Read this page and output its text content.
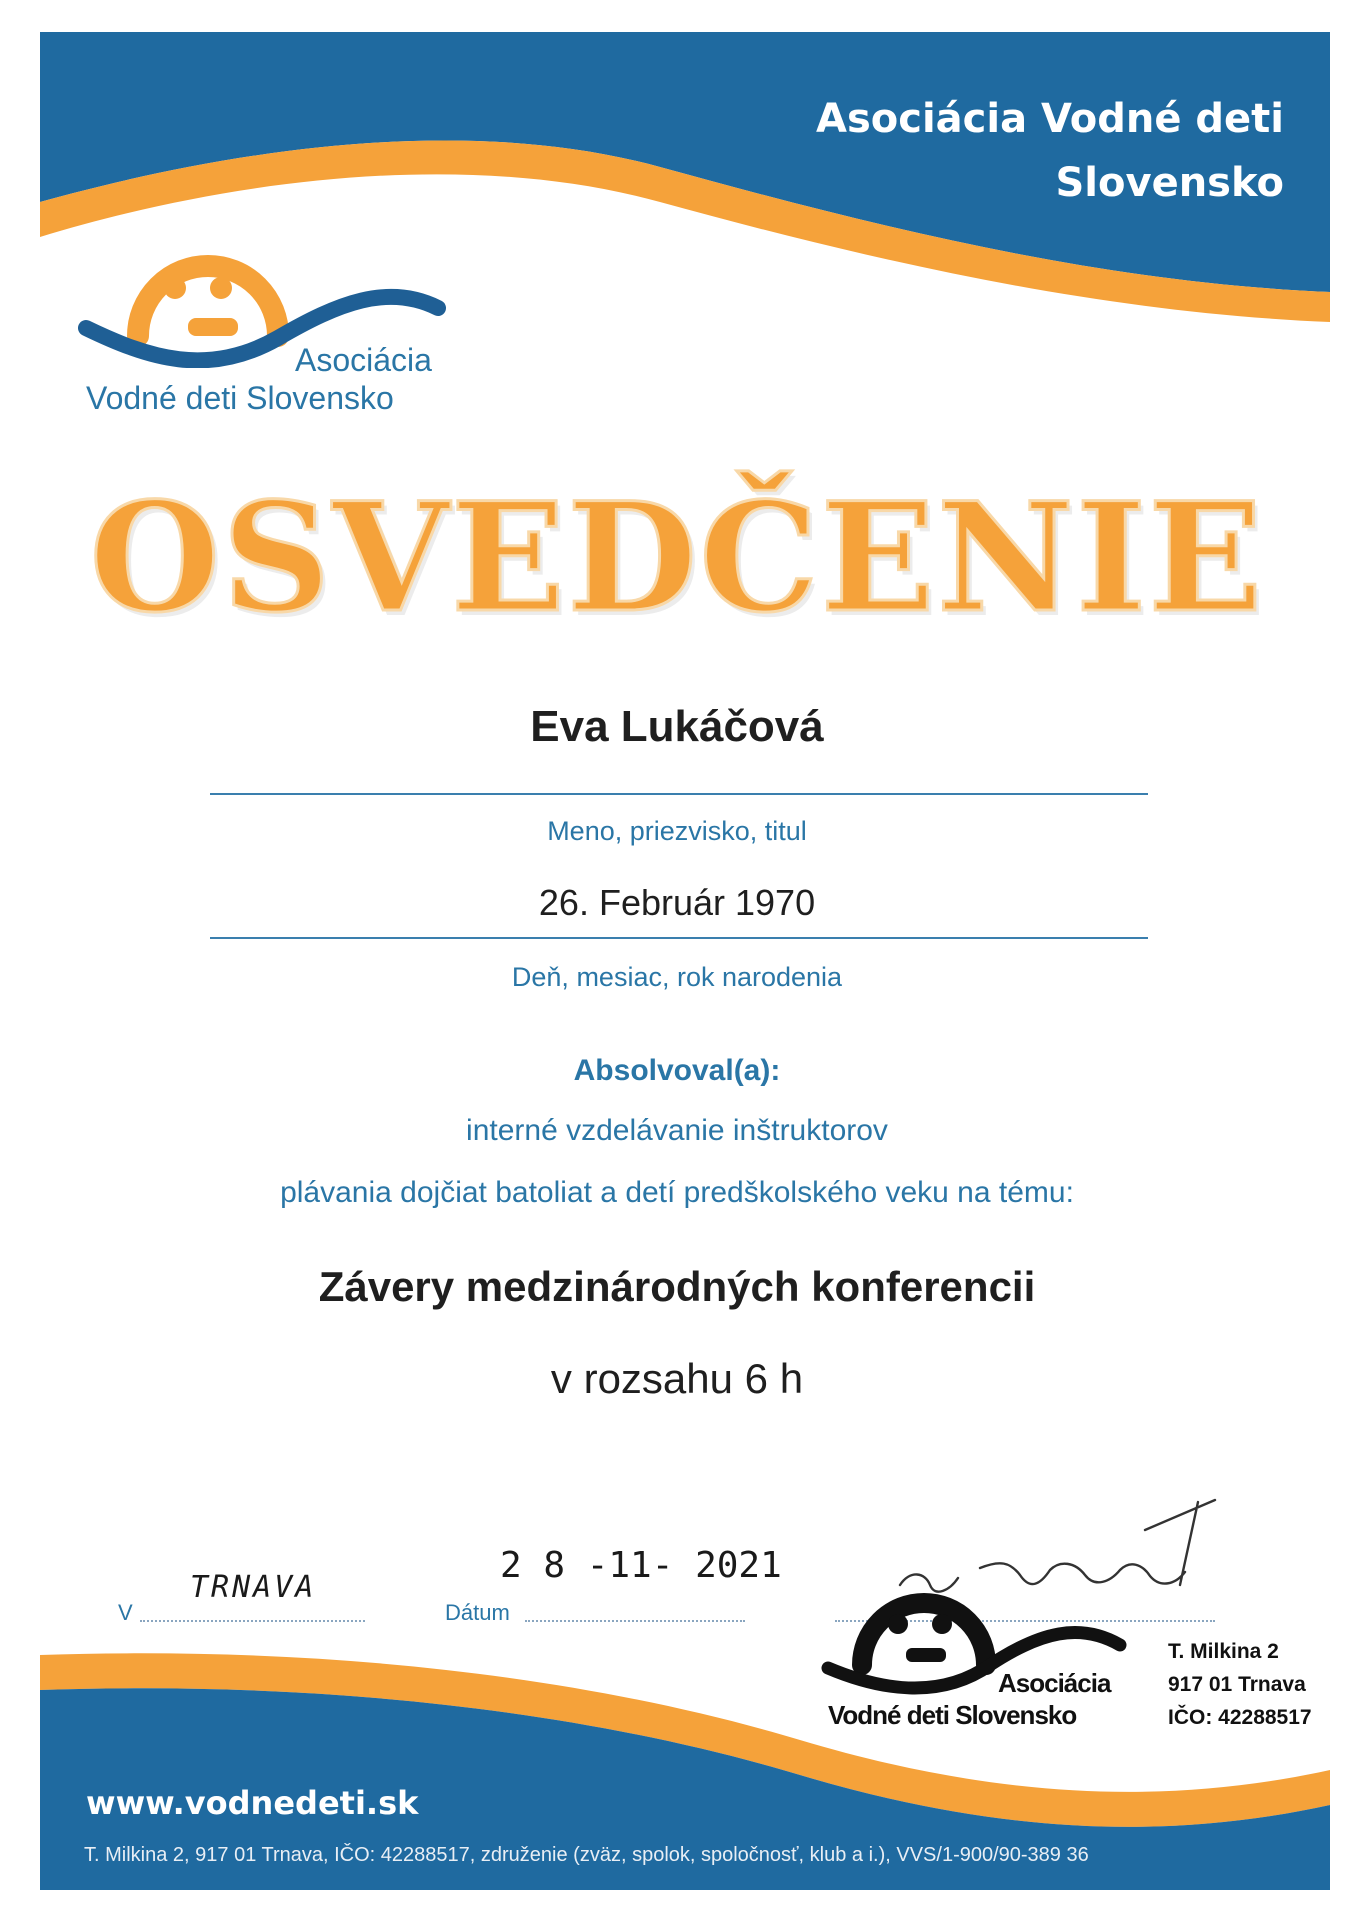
Asociácia Vodné deti
Slovensko
Asociácia
Vodné deti Slovensko
OSVEDČENIE
Eva Lukáčová
Meno, priezvisko, titul
26. Február 1970
Deň, mesiac, rok narodenia
Absolvoval(a):
interné vzdelávanie inštruktorov
plávania dojčiat batoliat a detí predškolského veku na tému:
Závery medzinárodných konferencii
v rozsahu 6 h
V
TRNAVA
Dátum
2 8 -11- 2021
Asociácia
Vodné deti Slovensko
T. Milkina 2
917 01 Trnava
IČO: 42288517
www.vodnedeti.sk
T. Milkina 2, 917 01 Trnava, IČO: 42288517, združenie (zväz, spolok, spoločnosť, klub a i.), VVS/1-900/90-389 36
